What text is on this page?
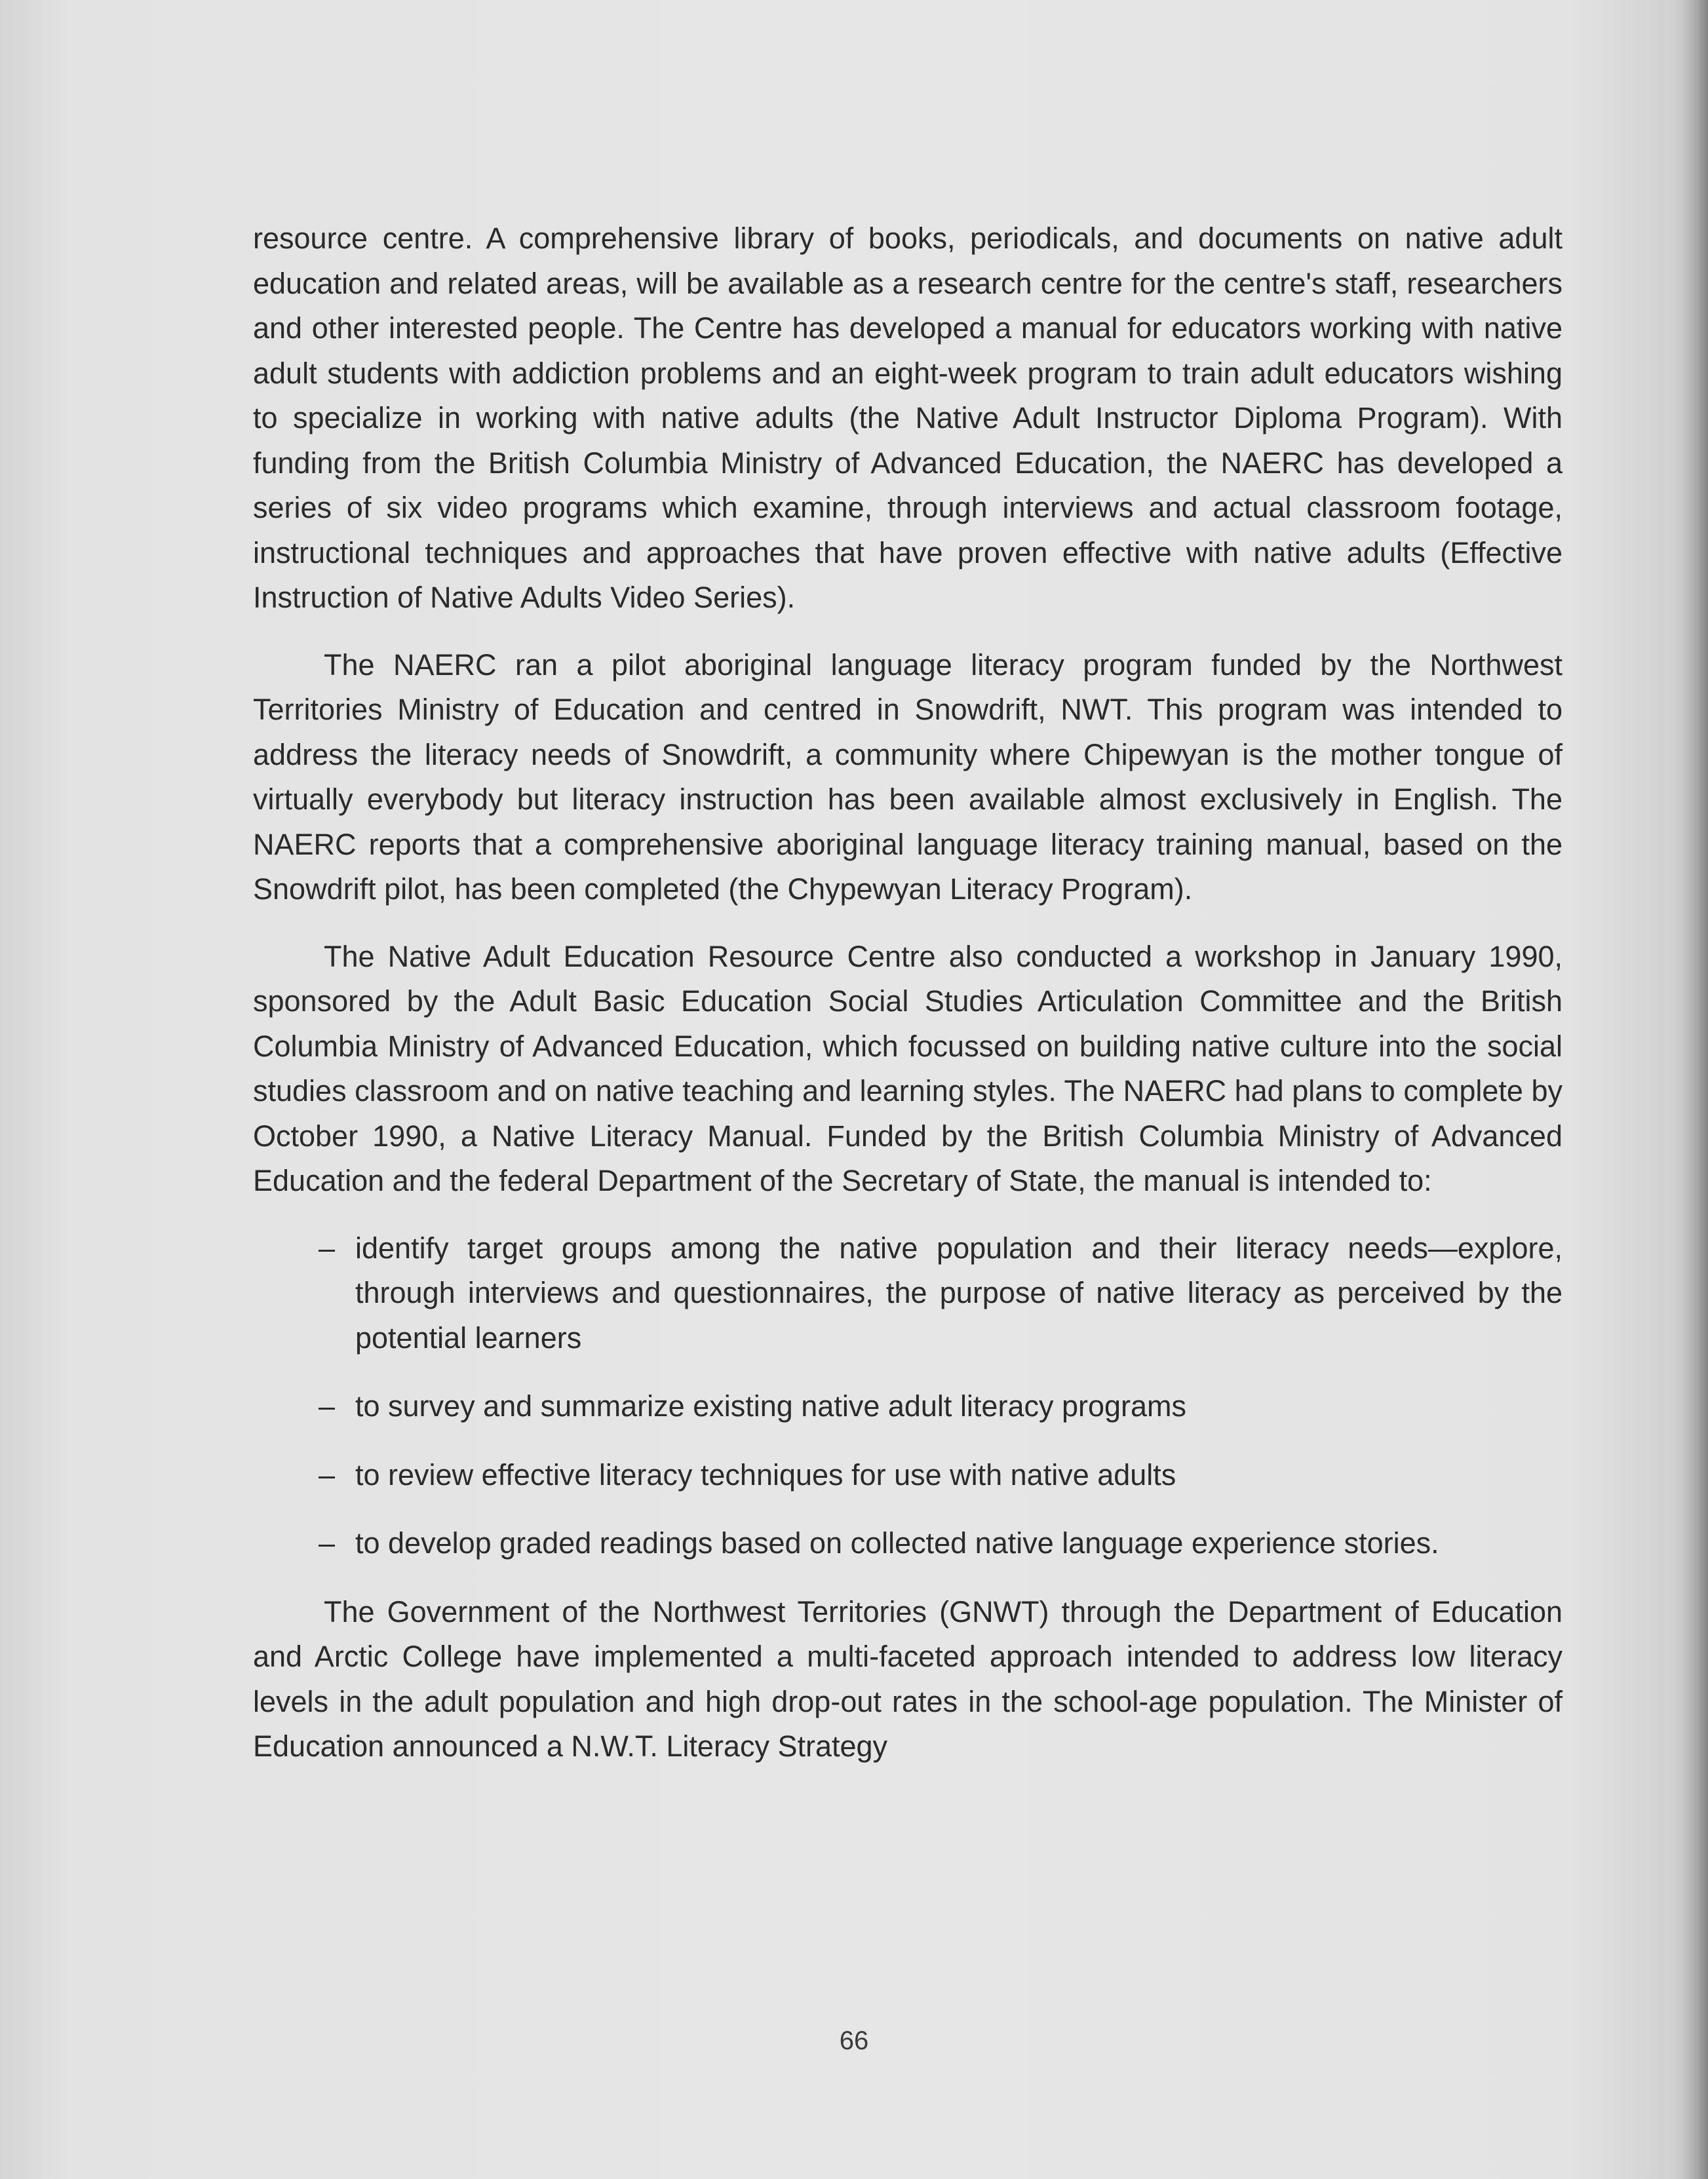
resource centre. A comprehensive library of books, periodicals, and documents on native adult education and related areas, will be available as a research centre for the centre's staff, researchers and other interested people. The Centre has developed a manual for educators working with native adult students with addiction problems and an eight-week program to train adult educators wishing to specialize in working with native adults (the Native Adult Instructor Diploma Program). With funding from the British Columbia Ministry of Advanced Education, the NAERC has developed a series of six video programs which examine, through interviews and actual classroom footage, instructional techniques and approaches that have proven effective with native adults (Effective Instruction of Native Adults Video Series).

The NAERC ran a pilot aboriginal language literacy program funded by the Northwest Territories Ministry of Education and centred in Snowdrift, NWT. This program was intended to address the literacy needs of Snowdrift, a community where Chipewyan is the mother tongue of virtually everybody but literacy instruction has been available almost exclusively in English. The NAERC reports that a comprehensive aboriginal language literacy training manual, based on the Snowdrift pilot, has been completed (the Chypewyan Literacy Program).

The Native Adult Education Resource Centre also conducted a workshop in January 1990, sponsored by the Adult Basic Education Social Studies Articulation Committee and the British Columbia Ministry of Advanced Education, which focussed on building native culture into the social studies classroom and on native teaching and learning styles. The NAERC had plans to complete by October 1990, a Native Literacy Manual. Funded by the British Columbia Ministry of Advanced Education and the federal Department of the Secretary of State, the manual is intended to:

– identify target groups among the native population and their literacy needs—explore, through interviews and questionnaires, the purpose of native literacy as perceived by the potential learners
– to survey and summarize existing native adult literacy programs
– to review effective literacy techniques for use with native adults
– to develop graded readings based on collected native language experience stories.

The Government of the Northwest Territories (GNWT) through the Department of Education and Arctic College have implemented a multi-faceted approach intended to address low literacy levels in the adult population and high drop-out rates in the school-age population. The Minister of Education announced a N.W.T. Literacy Strategy

66
